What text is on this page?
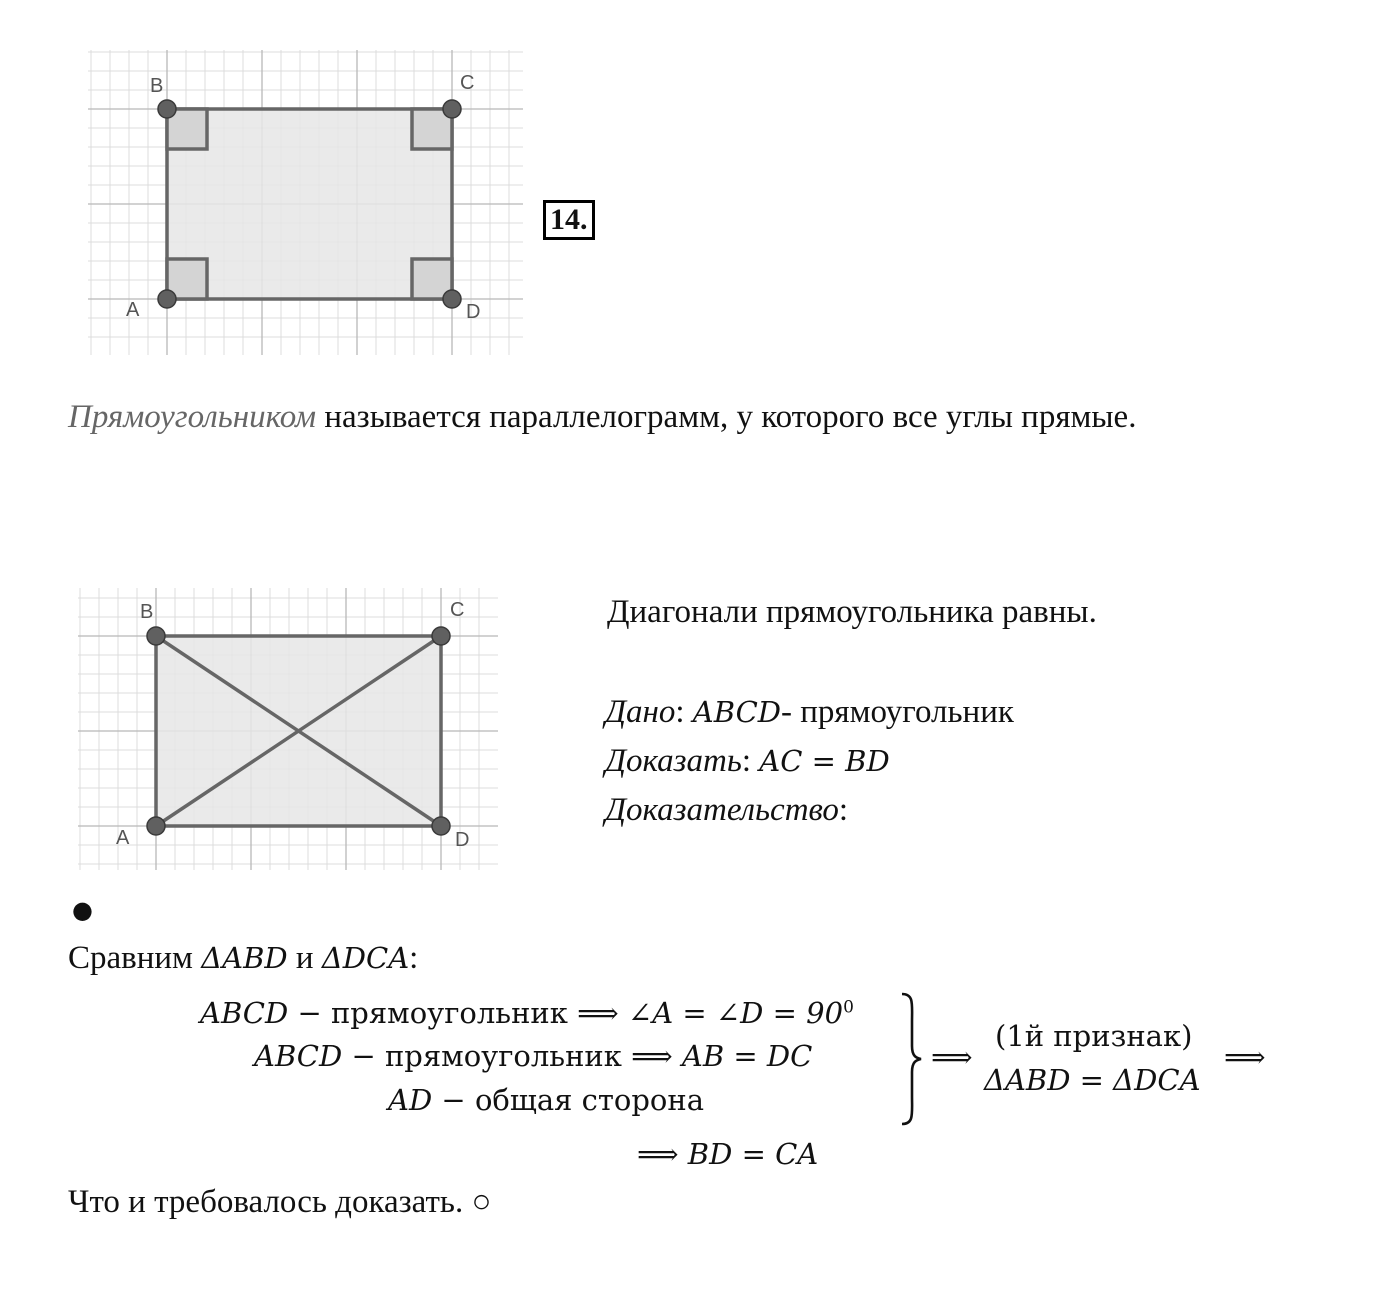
B	C
A	D
14.
Прямоугольником называется параллелограмм, у которого все углы прямые.
B	C
A	D
Диагонали прямоугольника равны.
Дано: ABCD- прямоугольник
Доказать: AC = BD
Доказательство:
●
Сравним ΔABD и ΔDCA:
ABCD − прямоугольник ⟹ ∠A = ∠D = $90^0$
ABCD − прямоугольник ⟹ AB = DC
AD − общая сторона
⟹
(1й признак)
ΔABD = ΔDCA
⟹
⟹ BD = CA
Что и требовалось доказать. ○
